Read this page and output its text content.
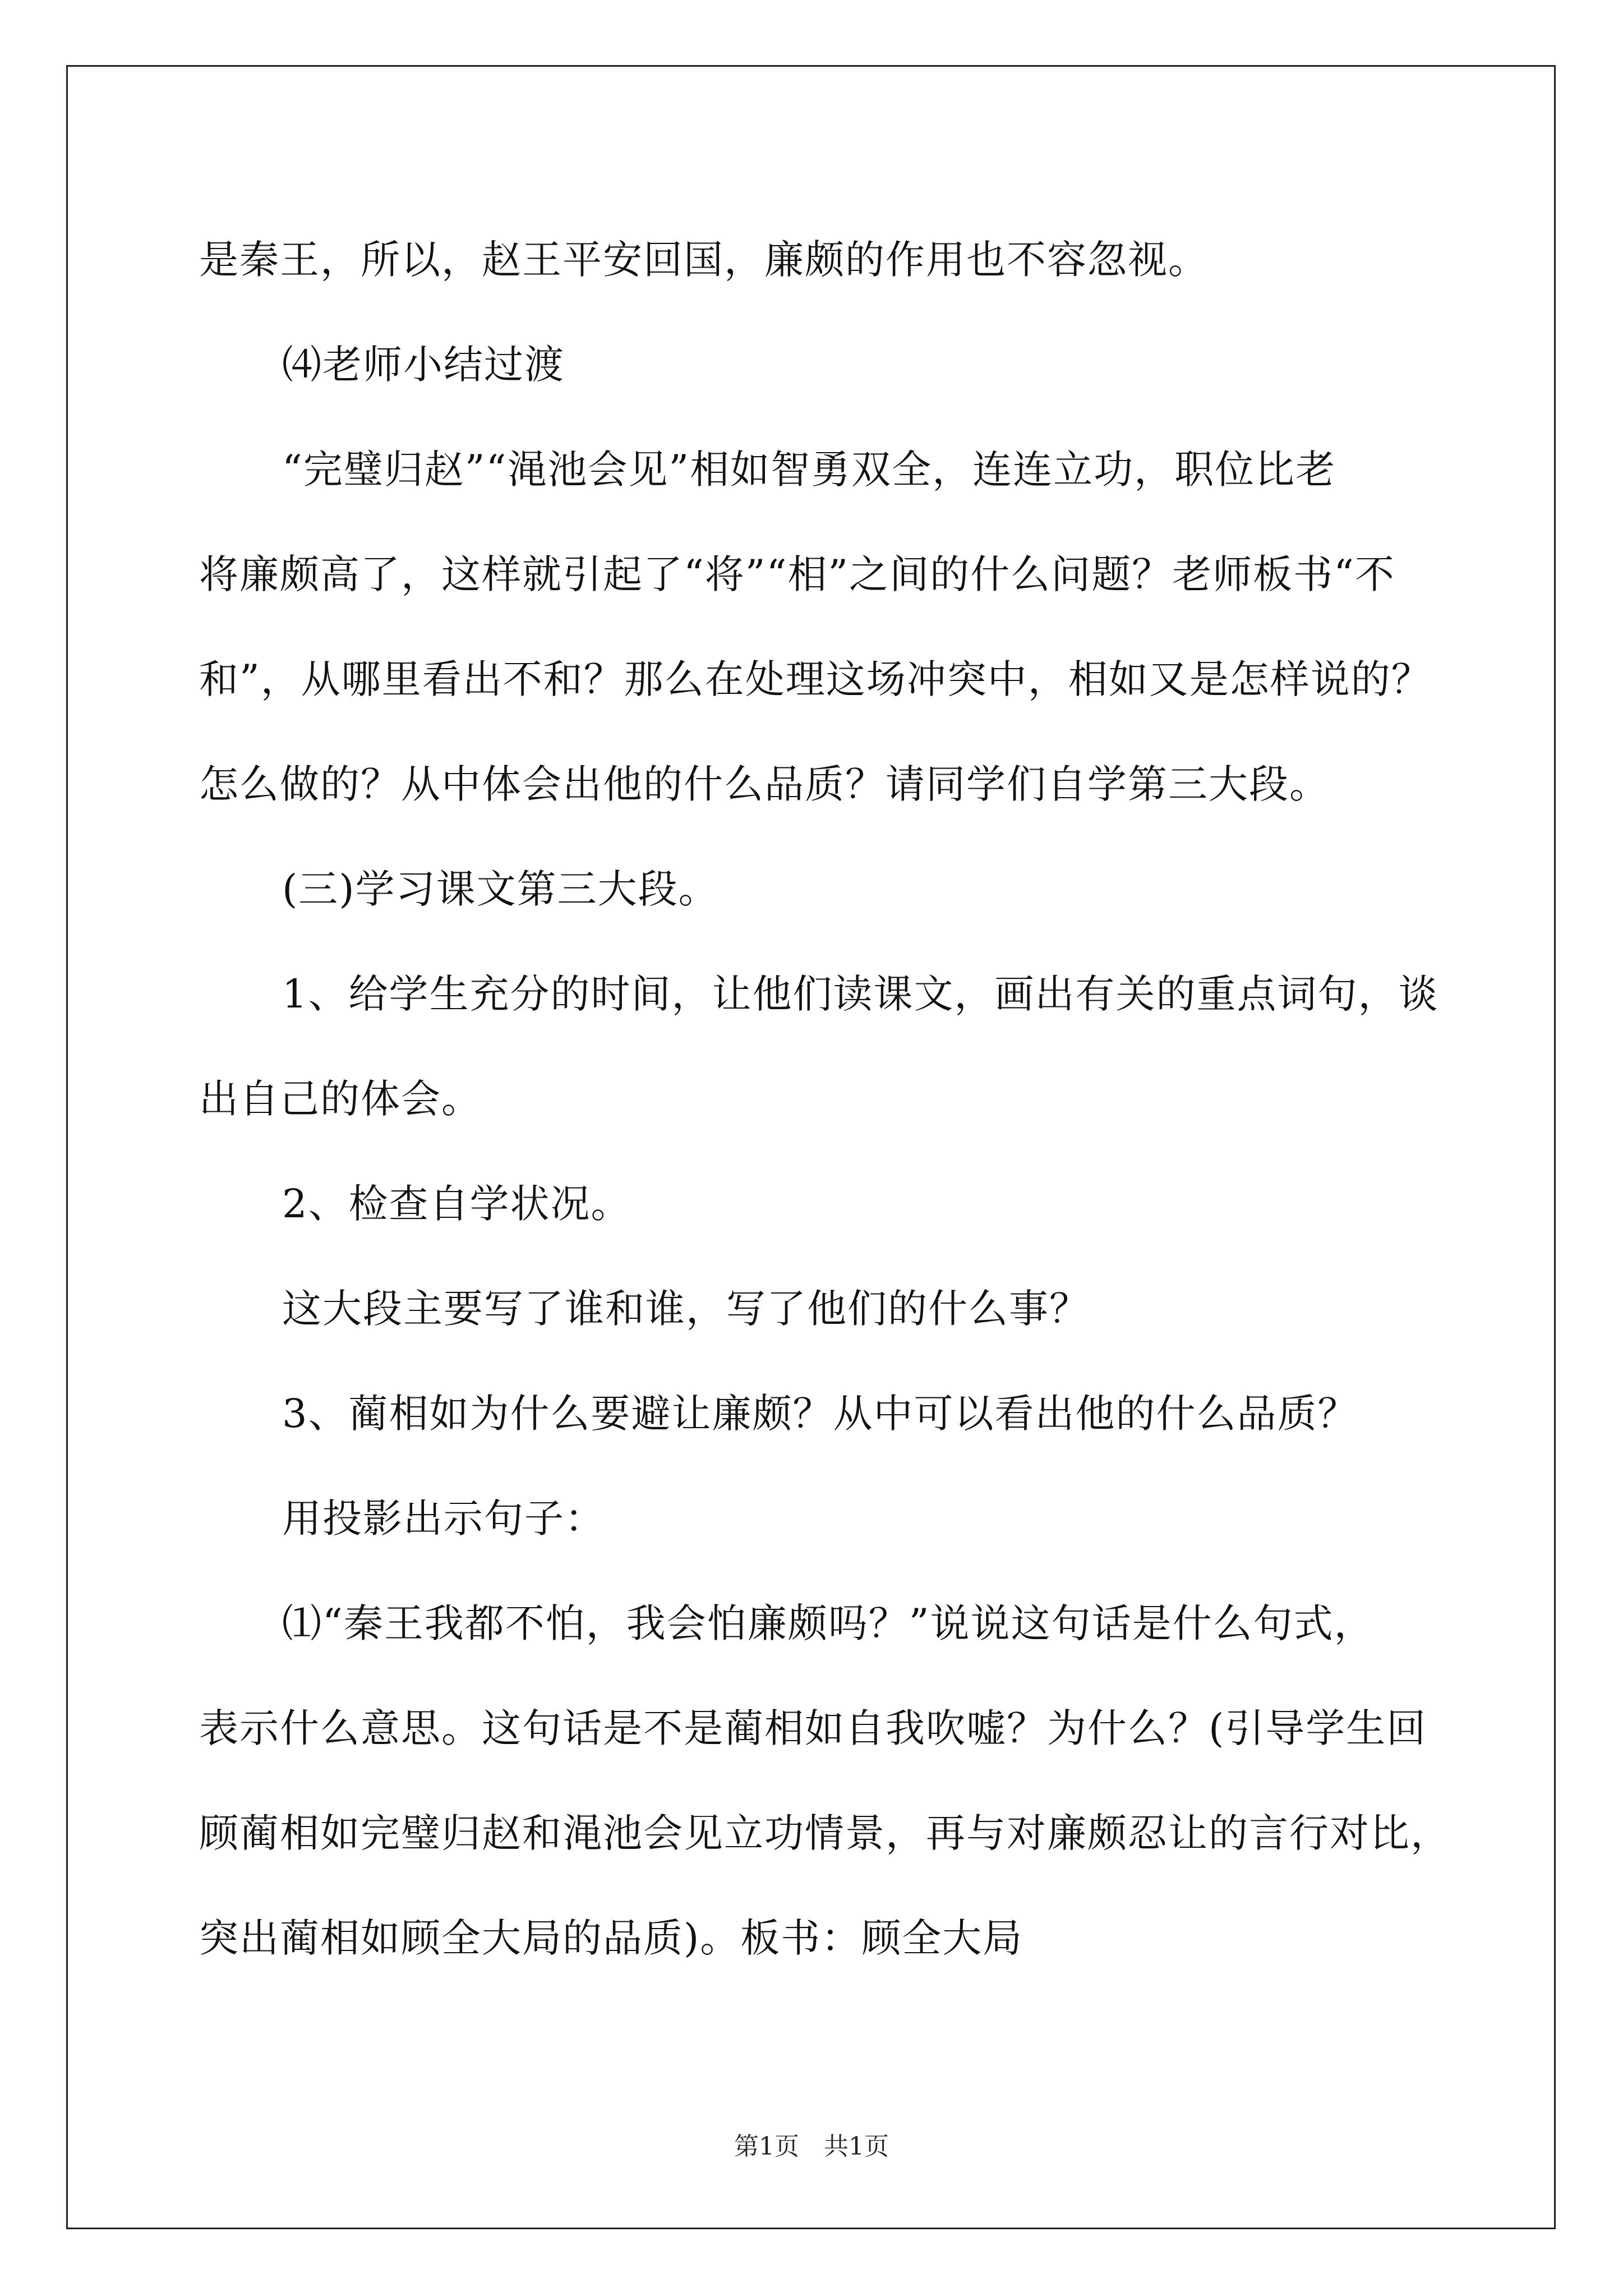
是秦王，所以，赵王平安回国，廉颇的作用也不容忽视。

⑷老师小结过渡

“完璧归赵”“渑池会见”相如智勇双全，连连立功，职位比老
将廉颇高了，这样就引起了“将”“相”之间的什么问题？老师板书“不
和”，从哪里看出不和？那么在处理这场冲突中，相如又是怎样说的？
怎么做的？从中体会出他的什么品质？请同学们自学第三大段。

(三)学习课文第三大段。

1、给学生充分的时间，让他们读课文，画出有关的重点词句，谈
出自己的体会。

2、检查自学状况。

这大段主要写了谁和谁，写了他们的什么事？

3、蔺相如为什么要避让廉颇？从中可以看出他的什么品质？

用投影出示句子：

⑴“秦王我都不怕，我会怕廉颇吗？”说说这句话是什么句式，
表示什么意思。这句话是不是蔺相如自我吹嘘？为什么？(引导学生回
顾蔺相如完璧归赵和渑池会见立功情景，再与对廉颇忍让的言行对比，
突出蔺相如顾全大局的品质)。板书：顾全大局

第1页　共1页
